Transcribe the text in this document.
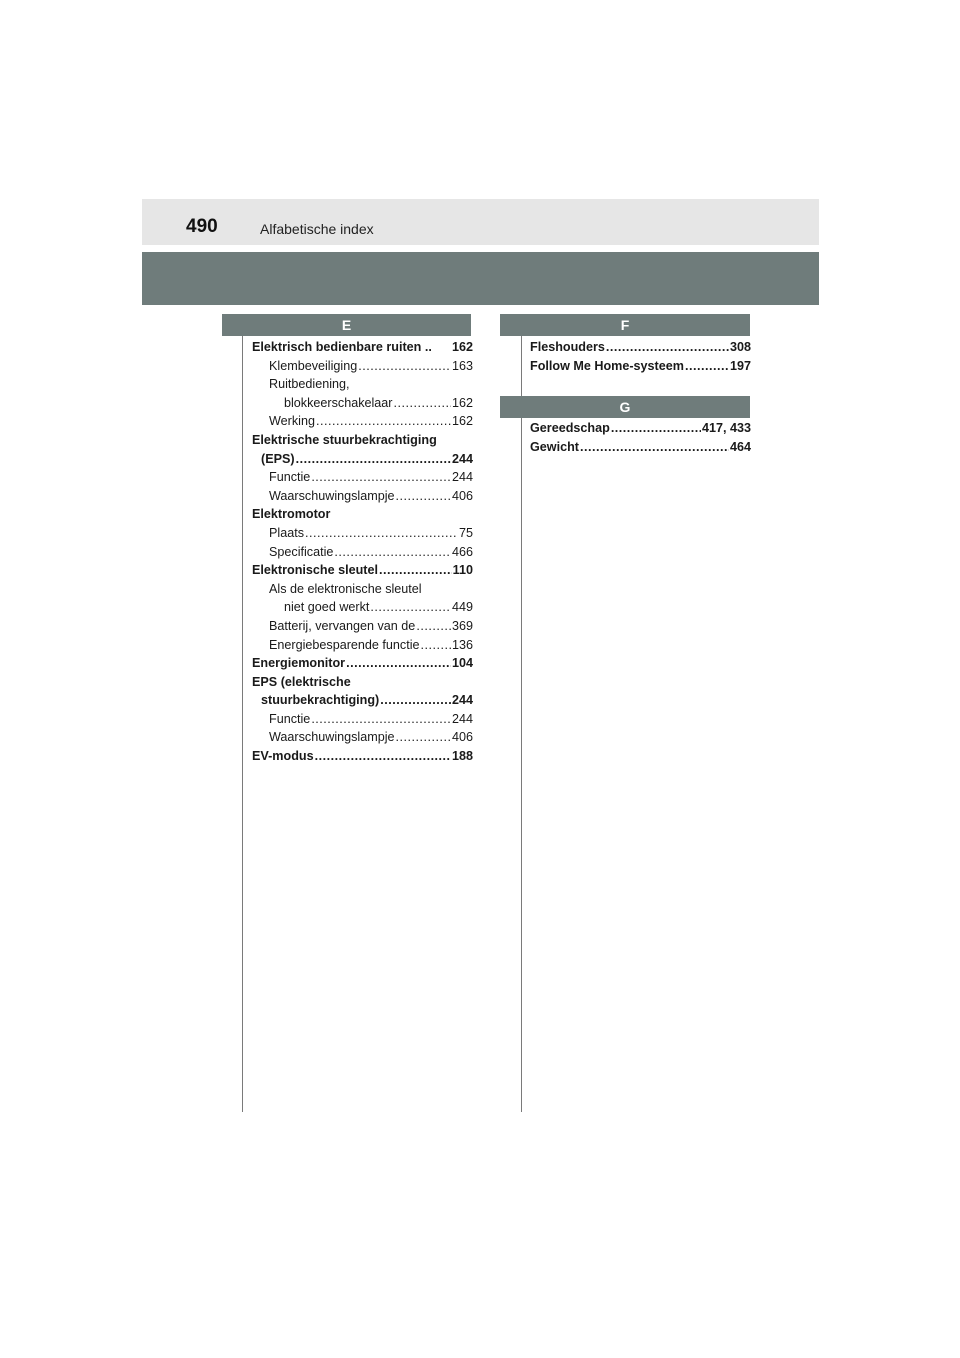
490	Alfabetische index
E
Elektrisch bedienbare ruiten .. 162
Klembeveiliging .....	163
Ruitbediening,
blokkeerschakelaar .....	162
Werking .....	162
Elektrische stuurbekrachtiging
(EPS) .....	244
Functie .....	244
Waarschuwingslampje .....	406
Elektromotor
Plaats .....	75
Specificatie .....	466
Elektronische sleutel .....	110
Als de elektronische sleutel
niet goed werkt .....	449
Batterij, vervangen van de .....	369
Energiebesparende functie .....	136
Energiemonitor .....	104
EPS (elektrische
stuurbekrachtiging) .....	244
Functie .....	244
Waarschuwingslampje .....	406
EV-modus .....	188
F
Fleshouders .....	308
Follow Me Home-systeem .....	197
G
Gereedschap .....	417, 433
Gewicht .....	464
